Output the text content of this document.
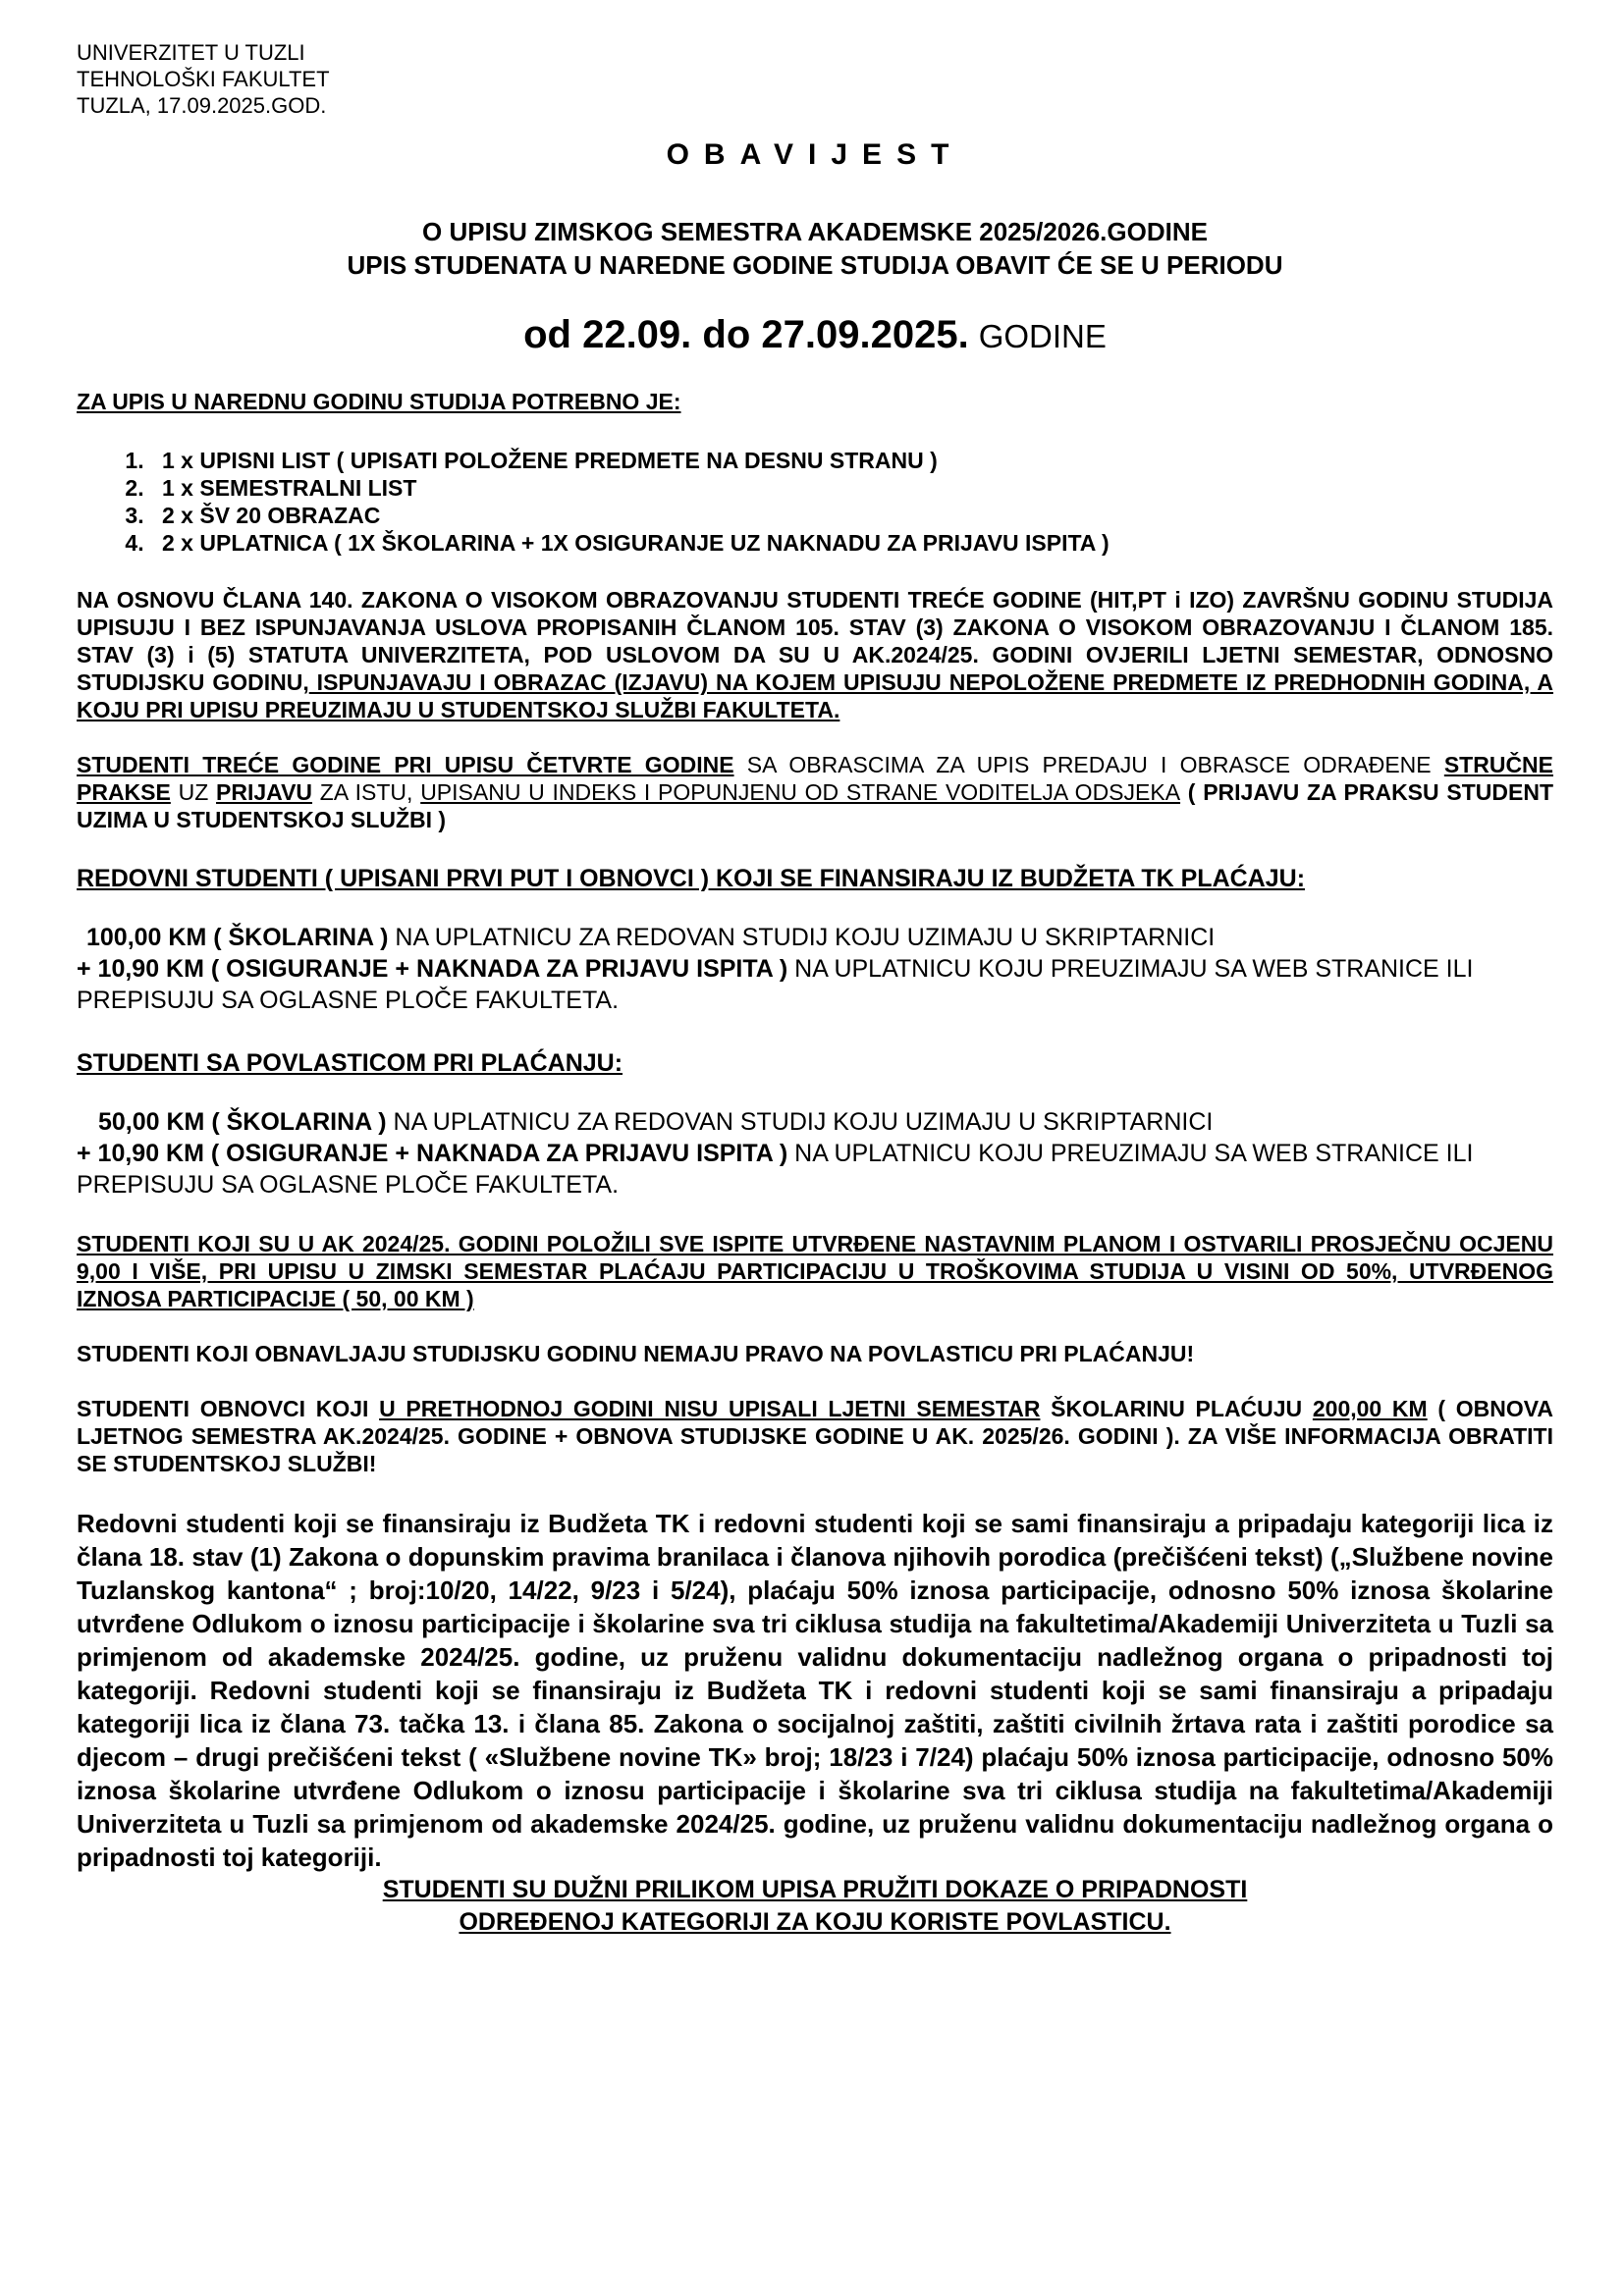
UNIVERZITET U TUZLI
TEHNOLOŠKI FAKULTET
TUZLA, 17.09.2025.GOD.
OBAVIJEST
O UPISU ZIMSKOG SEMESTRA AKADEMSKE 2025/2026.GODINE
UPIS STUDENATA U NAREDNE GODINE STUDIJA OBAVIT ĆE SE U PERIODU
od 22.09. do 27.09.2025. GODINE
ZA UPIS U NAREDNU GODINU STUDIJA POTREBNO JE:
1. 1 x UPISNI LIST ( UPISATI POLOŽENE PREDMETE NA DESNU STRANU )
2. 1 x SEMESTRALNI LIST
3. 2 x ŠV 20 OBRAZAC
4. 2 x UPLATNICA ( 1X ŠKOLARINA + 1X OSIGURANJE UZ NAKNADU ZA PRIJAVU ISPITA )
NA OSNOVU ČLANA 140. ZAKONA O VISOKOM OBRAZOVANJU STUDENTI TREĆE GODINE (HIT,PT i IZO) ZAVRŠNU GODINU STUDIJA UPISUJU I BEZ ISPUNJAVANJA USLOVA PROPISANIH ČLANOM 105. STAV (3) ZAKONA O VISOKOM OBRAZOVANJU I ČLANOM 185. STAV (3) i (5) STATUTA UNIVERZITETA, POD USLOVOM DA SU U AK.2024/25. GODINI OVJERILI LJETNI SEMESTAR, ODNOSNO STUDIJSKU GODINU, ISPUNJAVAJU I OBRAZAC (IZJAVU) NA KOJEM UPISUJU NEPOLOŽENE PREDMETE IZ PREDHODNIH GODINA, A KOJU PRI UPISU PREUZIMAJU U STUDENTSKOJ SLUŽBI FAKULTETA.
STUDENTI TREĆE GODINE PRI UPISU ČETVRTE GODINE SA OBRASCIMA ZA UPIS PREDAJU I OBRASCE ODRAĐENE STRUČNE PRAKSE UZ PRIJAVU ZA ISTU, UPISANU U INDEKS I POPUNJENU OD STRANE VODITELJA ODSJEKA ( PRIJAVU ZA PRAKSU STUDENT UZIMA U STUDENTSKOJ SLUŽBI )
REDOVNI STUDENTI ( UPISANI PRVI PUT I OBNOVCI ) KOJI SE FINANSIRAJU IZ BUDŽETA TK PLAĆAJU:
100,00 KM ( ŠKOLARINA ) NA UPLATNICU ZA REDOVAN STUDIJ KOJU UZIMAJU U SKRIPTARNICI
+ 10,90 KM ( OSIGURANJE + NAKNADA ZA PRIJAVU ISPITA ) NA UPLATNICU KOJU PREUZIMAJU SA WEB STRANICE ILI PREPISUJU SA OGLASNE PLOČE FAKULTETA.
STUDENTI SA POVLASTICOM PRI PLAĆANJU:
50,00 KM ( ŠKOLARINA ) NA UPLATNICU ZA REDOVAN STUDIJ KOJU UZIMAJU U SKRIPTARNICI
+ 10,90 KM ( OSIGURANJE + NAKNADA ZA PRIJAVU ISPITA ) NA UPLATNICU KOJU PREUZIMAJU SA WEB STRANICE ILI PREPISUJU SA OGLASNE PLOČE FAKULTETA.
STUDENTI KOJI SU U AK 2024/25. GODINI POLOŽILI SVE ISPITE UTVRĐENE NASTAVNIM PLANOM I OSTVARILI PROSJEČNU OCJENU 9,00 I VIŠE, PRI UPISU U ZIMSKI SEMESTAR PLAĆAJU PARTICIPACIJU U TROŠKOVIMA STUDIJA U VISINI OD 50%, UTVRĐENOG IZNOSA PARTICIPACIJE ( 50, 00 KM )
STUDENTI KOJI OBNAVLJAJU STUDIJSKU GODINU NEMAJU PRAVO NA POVLASTICU PRI PLAĆANJU!
STUDENTI OBNOVCI KOJI U PRETHODNOJ GODINI NISU UPISALI LJETNI SEMESTAR ŠKOLARINU PLAĆUJU 200,00 KM ( OBNOVA LJETNOG SEMESTRA AK.2024/25. GODINE + OBNOVA STUDIJSKE GODINE U AK. 2025/26. GODINI ). ZA VIŠE INFORMACIJA OBRATITI SE STUDENTSKOJ SLUŽBI!
Redovni studenti koji se finansiraju iz Budžeta TK i redovni studenti koji se sami finansiraju a pripadaju kategoriji lica iz člana 18. stav (1) Zakona o dopunskim pravima branilaca i članova njihovih porodica (prečišćeni tekst) („Službene novine Tuzlanskog kantona“ ; broj:10/20, 14/22, 9/23 i 5/24), plaćaju 50% iznosa participacije, odnosno 50% iznosa školarine utvrđene Odlukom o iznosu participacije i školarine sva tri ciklusa studija na fakultetima/Akademiji Univerziteta u Tuzli sa primjenom od akademske 2024/25. godine, uz pruženu validnu dokumentaciju nadležnog organa o pripadnosti toj kategoriji. Redovni studenti koji se finansiraju iz Budžeta TK i redovni studenti koji se sami finansiraju a pripadaju kategoriji lica iz člana 73. tačka 13. i člana 85. Zakona o socijalnoj zaštiti, zaštiti civilnih žrtava rata i zaštiti porodice sa djecom – drugi prečišćeni tekst ( «Službene novine TK» broj; 18/23 i 7/24) plaćaju 50% iznosa participacije, odnosno 50% iznosa školarine utvrđene Odlukom o iznosu participacije i školarine sva tri ciklusa studija na fakultetima/Akademiji Univerziteta u Tuzli sa primjenom od akademske 2024/25. godine, uz pruženu validnu dokumentaciju nadležnog organa o pripadnosti toj kategoriji.
STUDENTI SU DUŽNI PRILIKOM UPISA PRUŽITI DOKAZE O PRIPADNOSTI
ODREĐENOJ KATEGORIJI ZA KOJU KORISTE POVLASTICU.
